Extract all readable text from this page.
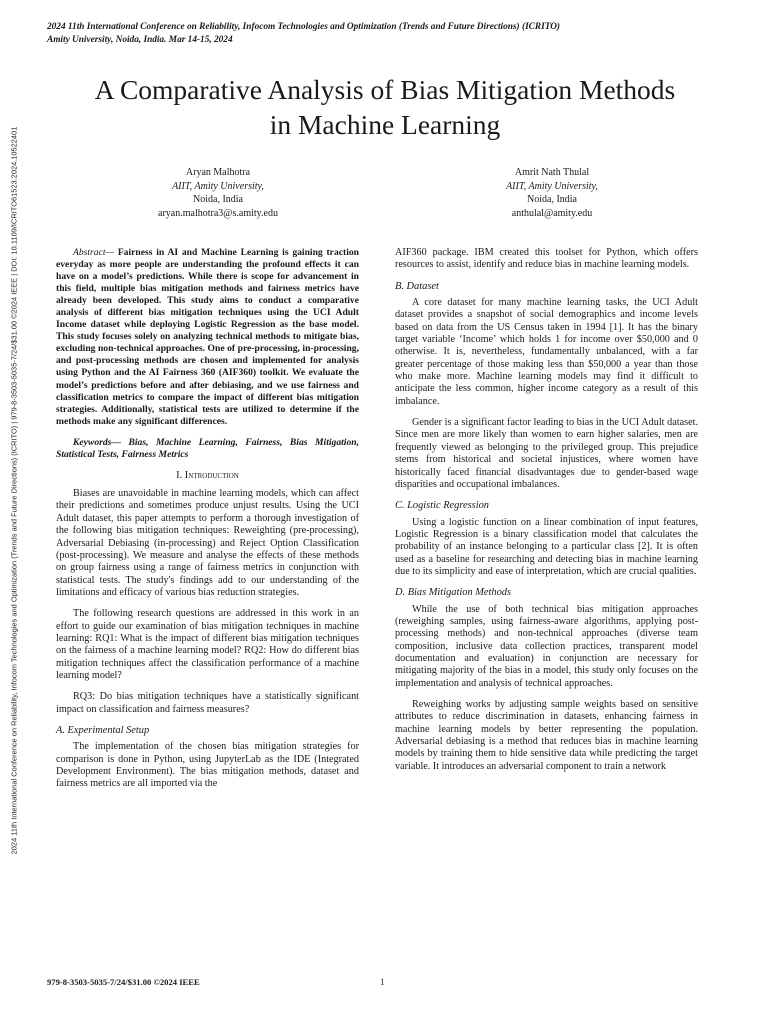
2024 11th International Conference on Reliability, Infocom Technologies and Optimization (Trends and Future Directions) (ICRITO) | 979-8-3503-5035-7/24/$31.00 ©2024 IEEE | DOI: 10.1109/ICRITO61523.2024.10522401
2024 11th International Conference on Reliability, Infocom Technologies and Optimization (Trends and Future Directions) (ICRITO)
Amity University, Noida, India. Mar 14-15, 2024
A Comparative Analysis of Bias Mitigation Methods
in Machine Learning
Aryan Malhotra
AIIT, Amity University,
Noida, India
aryan.malhotra3@s.amity.edu
Amrit Nath Thulal
AIIT, Amity University,
Noida, India
anthulal@amity.edu

Abstract— Fairness in AI and Machine Learning is gaining traction everyday as more people are understanding the profound effects it can have on a model’s predictions. While there is scope for advancement in this field, multiple bias mitigation methods and fairness metrics have already been developed. This study aims to conduct a comparative analysis of different bias mitigation techniques using the UCI Adult Income dataset while deploying Logistic Regression as the base model. This study focuses solely on analyzing technical methods to mitigate bias, excluding non-technical approaches. One of pre-processing, in-processing, and post-processing methods are chosen and implemented for analysis using Python and the AI Fairness 360 (AIF360) toolkit. We evaluate the model’s predictions before and after debiasing, and we use fairness and classification metrics to compare the impact of different bias mitigation strategies. Additionally, statistical tests are utilized to determine if the methods make any significant differences.

Keywords— Bias, Machine Learning, Fairness, Bias Mitigation, Statistical Tests, Fairness Metrics

I. Introduction

Biases are unavoidable in machine learning models, which can affect their predictions and sometimes produce unjust results. Using the UCI Adult dataset, this paper attempts to perform a thorough investigation of the following bias mitigation techniques: Reweighting (pre-processing), Adversarial Debiasing (in-processing) and Reject Option Classification (post-processing). We measure and analyse the effects of these methods on group fairness using a range of fairness metrics in conjunction with statistical tests. The study's findings add to our understanding of the limitations and efficacy of various bias reduction strategies.

The following research questions are addressed in this work in an effort to guide our examination of bias mitigation techniques in machine learning: RQ1: What is the impact of different bias mitigation techniques on the fairness of a machine learning model? RQ2: How do different bias mitigation techniques affect the classification performance of a machine learning model?

RQ3: Do bias mitigation techniques have a statistically significant impact on classification and fairness measures?

A. Experimental Setup

The implementation of the chosen bias mitigation strategies for comparison is done in Python, using JupyterLab as the IDE (Integrated Development Environment). The bias mitigation methods, dataset and fairness metrics are all imported via the

AIF360 package. IBM created this toolset for Python, which offers resources to assist, identify and reduce bias in machine learning models.

B. Dataset

A core dataset for many machine learning tasks, the UCI Adult dataset provides a snapshot of social demographics and income levels based on data from the US Census taken in 1994 [1]. It has the binary target variable ‘Income’ which holds 1 for income over $50,000 and 0 otherwise. It is, nevertheless, fundamentally unbalanced, with a far greater percentage of those making less than $50,000 a year than those who make more. Machine learning models may find it difficult to anticipate the less common, higher income category as a result of this imbalance.

Gender is a significant factor leading to bias in the UCI Adult dataset. Since men are more likely than women to earn higher salaries, men are frequently viewed as belonging to the privileged group. This prejudice stems from historical and societal injustices, where women have historically faced financial disadvantages due to gender-based wage disparities and occupational imbalances.

C. Logistic Regression

Using a logistic function on a linear combination of input features, Logistic Regression is a binary classification model that calculates the probability of an instance belonging to a particular class [2]. It is often used as a baseline for researching and detecting bias in machine learning due to its simplicity and ease of interpretation, which are crucial qualities.

D. Bias Mitigation Methods

While the use of both technical bias mitigation approaches (reweighing samples, using fairness-aware algorithms, applying post-processing methods) and non-technical approaches (diverse team composition, inclusive data collection practices, transparent model documentation and evaluation) in conjunction are necessary for mitigating majority of the bias in a model, this study only focuses on the implementation and analysis of technical approaches.

Reweighing works by adjusting sample weights based on sensitive attributes to reduce discrimination in datasets, enhancing fairness in machine learning models by better representing the population. Adversarial debiasing is a method that reduces bias in machine learning models by training them to hide sensitive data while predicting the target variable. It introduces an adversarial component to train a network

979-8-3503-5035-7/24/$31.00 ©2024 IEEE	1
